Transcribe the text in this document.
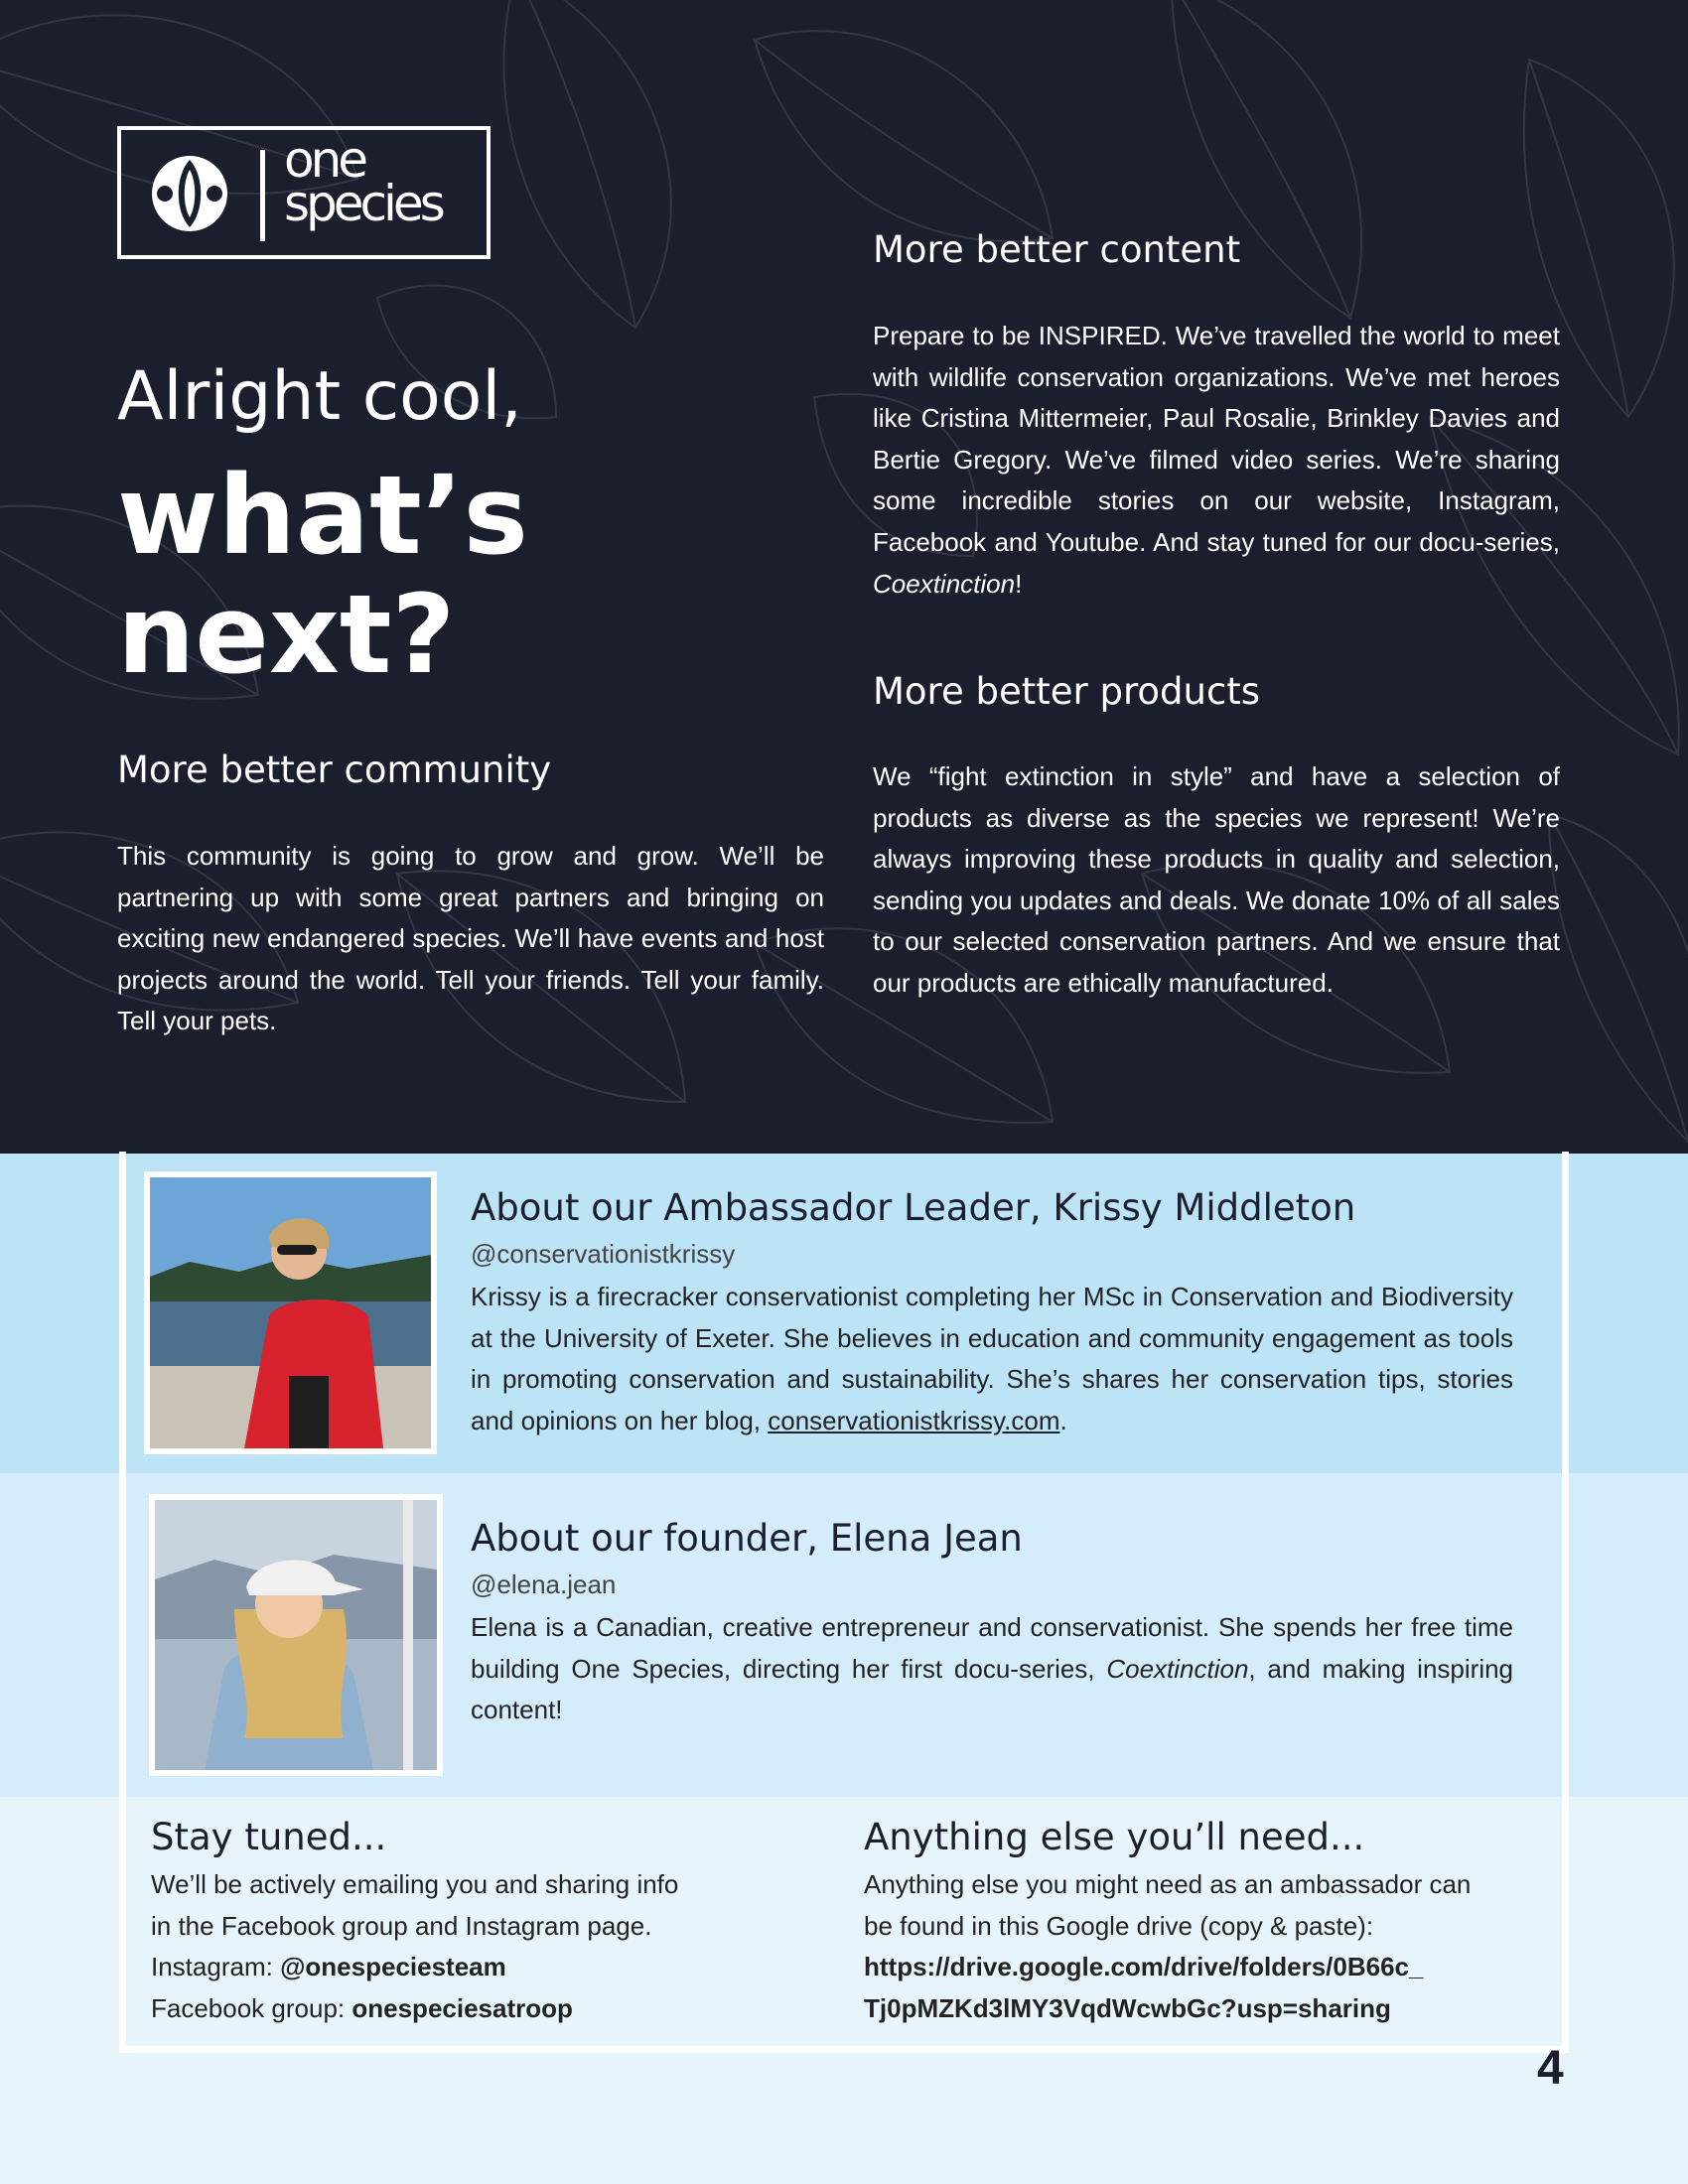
one
species
Alright cool,
what’s
next?
More better community
This community is going to grow and grow. We’ll be partnering up with some great partners and bringing on exciting new endangered species. We’ll have events and host projects around the world. Tell your friends. Tell your family. Tell your pets.
More better content
Prepare to be INSPIRED. We’ve travelled the world to meet with wildlife conservation organizations. We’ve met heroes like Cristina Mittermeier, Paul Rosalie, Brinkley Davies and Bertie Gregory. We’ve filmed video series. We’re sharing some incredible stories on our website, Instagram, Facebook and Youtube. And stay tuned for our docu-series, Coextinction!
More better products
We “fight extinction in style” and have a selection of products as diverse as the species we represent! We’re always improving these products in quality and selection, sending you updates and deals. We donate 10% of all sales to our selected conservation partners. And we ensure that our products are ethically manufactured.
About our Ambassador Leader, Krissy Middleton
@conservationistkrissy
Krissy is a firecracker conservationist completing her MSc in Conservation and Biodiversity at the University of Exeter. She believes in education and community engagement as tools in promoting conservation and sustainability. She’s shares her conservation tips, stories and opinions on her blog, conservationistkrissy.com.
About our founder, Elena Jean
@elena.jean
Elena is a Canadian, creative entrepreneur and conservationist. She spends her free time building One Species, directing her first docu-series, Coextinction, and making inspiring content!
Stay tuned...
We’ll be actively emailing you and sharing info
in the Facebook group and Instagram page.
Instagram: @onespeciesteam
Facebook group: onespeciesatroop
Anything else you’ll need...
Anything else you might need as an ambassador can
be found in this Google drive (copy & paste):
https://drive.google.com/drive/folders/0B66c_
Tj0pMZKd3lMY3VqdWcwbGc?usp=sharing
4
